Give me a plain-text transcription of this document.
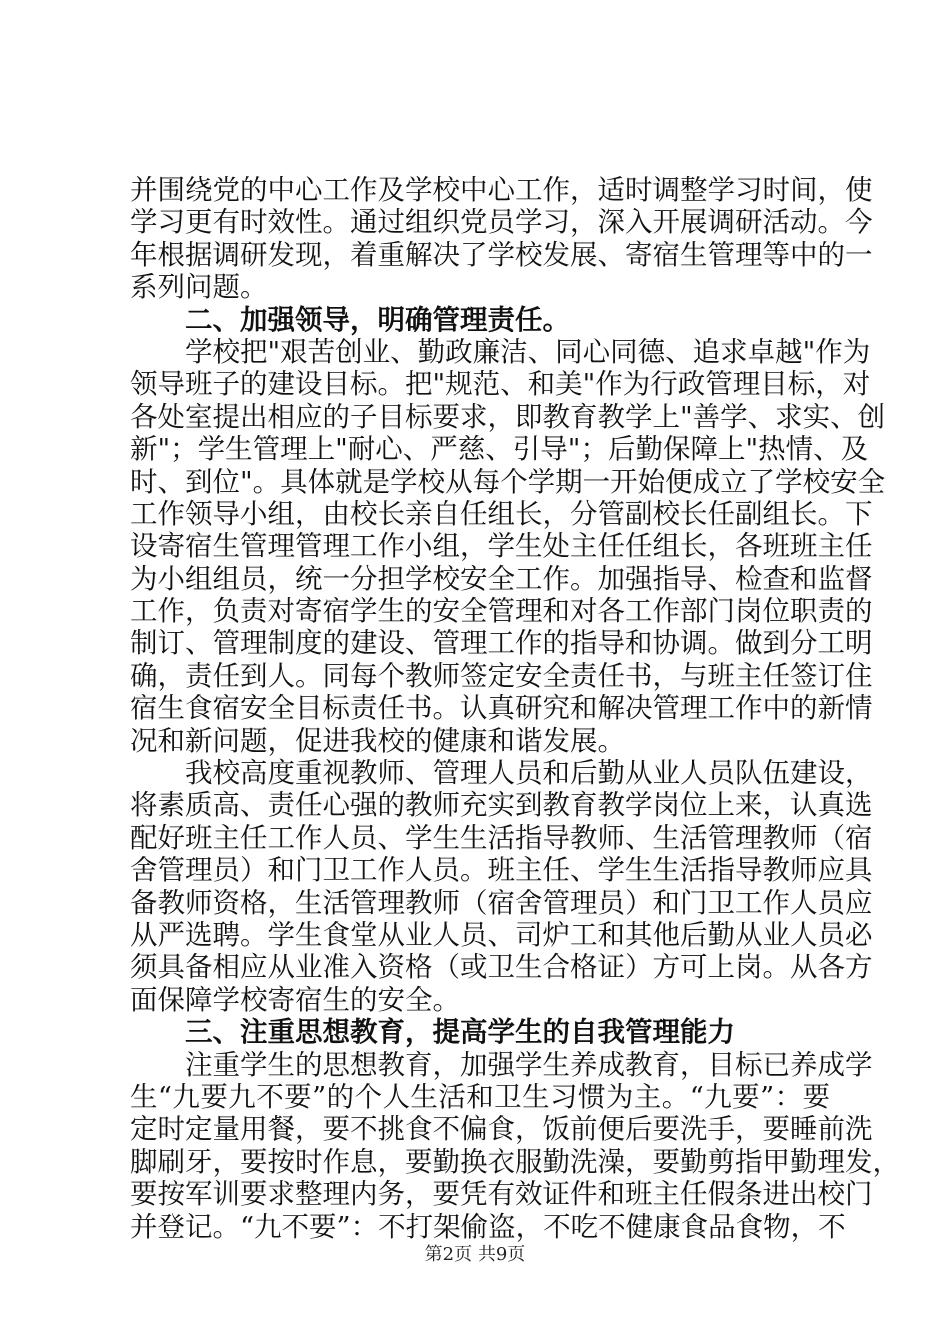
并围绕党的中心工作及学校中心工作，适时调整学习时间，使
学习更有时效性。通过组织党员学习，深入开展调研活动。今
年根据调研发现，着重解决了学校发展、寄宿生管理等中的一
系列问题。
二、加强领导，明确管理责任。
学校把"艰苦创业、勤政廉洁、同心同德、追求卓越"作为
领导班子的建设目标。把"规范、和美"作为行政管理目标，对
各处室提出相应的子目标要求，即教育教学上"善学、求实、创
新"；学生管理上"耐心、严慈、引导"；后勤保障上"热情、及
时、到位"。具体就是学校从每个学期一开始便成立了学校安全
工作领导小组，由校长亲自任组长，分管副校长任副组长。下
设寄宿生管理管理工作小组，学生处主任任组长，各班班主任
为小组组员，统一分担学校安全工作。加强指导、检查和监督
工作，负责对寄宿学生的安全管理和对各工作部门岗位职责的
制订、管理制度的建设、管理工作的指导和协调。做到分工明
确，责任到人。同每个教师签定安全责任书，与班主任签订住
宿生食宿安全目标责任书。认真研究和解决管理工作中的新情
况和新问题，促进我校的健康和谐发展。
我校高度重视教师、管理人员和后勤从业人员队伍建设，
将素质高、责任心强的教师充实到教育教学岗位上来，认真选
配好班主任工作人员、学生生活指导教师、生活管理教师（宿
舍管理员）和门卫工作人员。班主任、学生生活指导教师应具
备教师资格，生活管理教师（宿舍管理员）和门卫工作人员应
从严选聘。学生食堂从业人员、司炉工和其他后勤从业人员必
须具备相应从业准入资格（或卫生合格证）方可上岗。从各方
面保障学校寄宿生的安全。
三、注重思想教育，提高学生的自我管理能力
注重学生的思想教育，加强学生养成教育，目标已养成学
生“九要九不要”的个人生活和卫生习惯为主。“九要”：要
定时定量用餐，要不挑食不偏食，饭前便后要洗手，要睡前洗
脚刷牙，要按时作息，要勤换衣服勤洗澡，要勤剪指甲勤理发，
要按军训要求整理内务，要凭有效证件和班主任假条进出校门
并登记。“九不要”：不打架偷盗，不吃不健康食品食物，不
第2页 共9页
